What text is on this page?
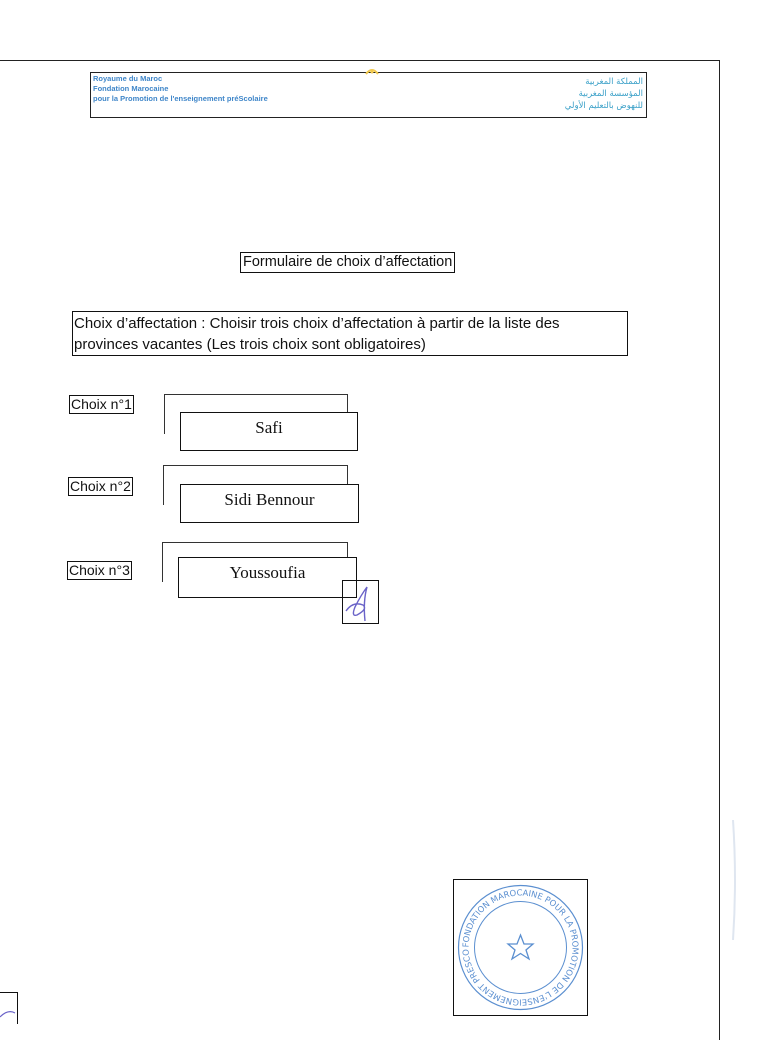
Royaume du Maroc
Fondation Marocaine
pour la Promotion de l'enseignement préScolaire
المملكة المغربية
المؤسسة المغربية
للنهوض بالتعليم الأولي
Formulaire de choix d’affectation
Choix d’affectation : Choisir trois choix d’affectation à partir de la liste des
provinces vacantes (Les trois choix sont obligatoires)
Choix n°1
Safi
Choix n°2
Sidi Bennour
Choix n°3	Youssoufia
FONDATION MAROCAINE POUR LA PROMOTION DE L'ENSEIGNEMENT PRESCO
